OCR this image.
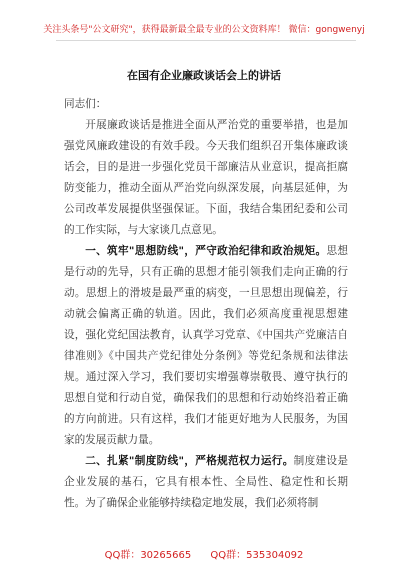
关注头条号"公文研究"，获得最新最全最专业的公文资料库！ 微信：gongwenyj
在国有企业廉政谈话会上的讲话

同志们：

开展廉政谈话是推进全面从严治党的重要举措，也是加强党风廉政建设的有效手段。今天我们组织召开集体廉政谈话会，目的是进一步强化党员干部廉洁从业意识，提高拒腐防变能力，推动全面从严治党向纵深发展，向基层延伸，为公司改革发展提供坚强保证。下面，我结合集团纪委和公司的工作实际，与大家谈几点意见。

一、筑牢"思想防线"，严守政治纪律和政治规矩。思想是行动的先导，只有正确的思想才能引领我们走向正确的行动。思想上的滑坡是最严重的病变，一旦思想出现偏差，行动就会偏离正确的轨道。因此，我们必须高度重视思想建设，强化党纪国法教育，认真学习党章、《中国共产党廉洁自律准则》《中国共产党纪律处分条例》等党纪条规和法律法规。通过深入学习，我们要切实增强尊崇敬畏、遵守执行的思想自觉和行动自觉，确保我们的思想和行动始终沿着正确的方向前进。只有这样，我们才能更好地为人民服务，为国家的发展贡献力量。

二、扎紧"制度防线"，严格规范权力运行。制度建设是企业发展的基石，它具有根本性、全局性、稳定性和长期性。为了确保企业能够持续稳定地发展，我们必须将制

QQ群：30265665 QQ群：535304092
